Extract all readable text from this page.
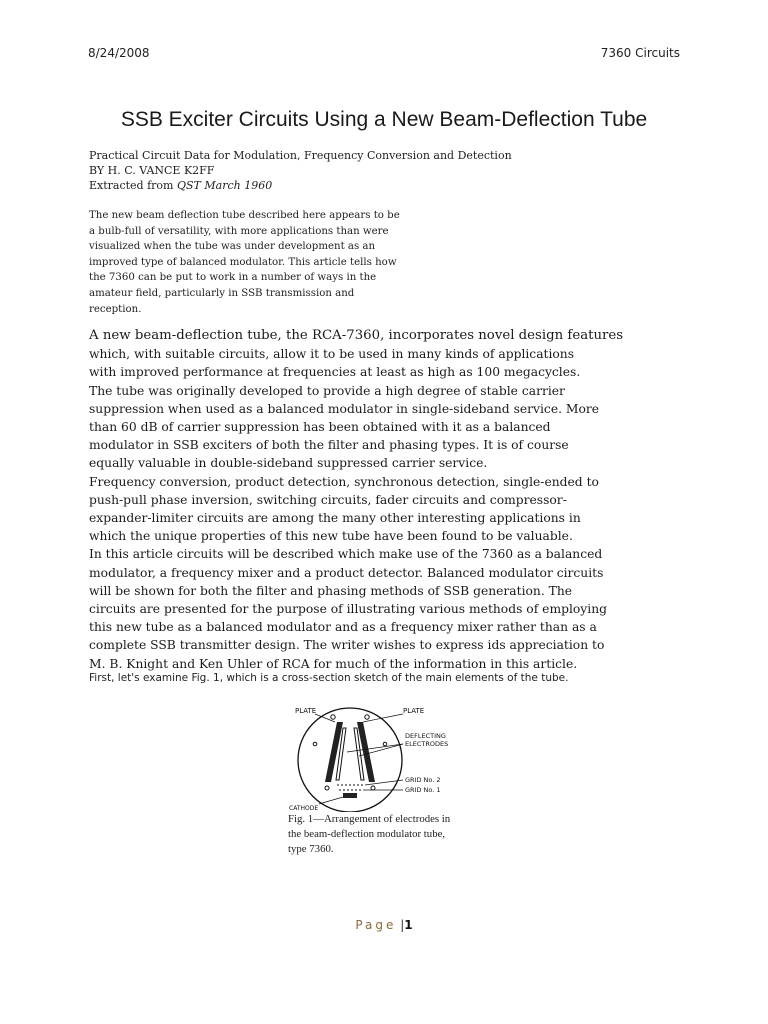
8/24/2008	7360 Circuits
SSB Exciter Circuits Using a New Beam-Deflection Tube
Practical Circuit Data for Modulation, Frequency Conversion and Detection
BY H. C. VANCE K2FF
Extracted from QST March 1960
The new beam deflection tube described here appears to be
a bulb-full of versatility, with more applications than were
visualized when the tube was under development as an
improved type of balanced modulator. This article tells how
the 7360 can be put to work in a number of ways in the
amateur field, particularly in SSB transmission and
reception.
A new beam-deflection tube, the RCA-7360, incorporates novel design features
which, with suitable circuits, allow it to be used in many kinds of applications
with improved performance at frequencies at least as high as 100 megacycles.
The tube was originally developed to provide a high degree of stable carrier
suppression when used as a balanced modulator in single-sideband service. More
than 60 dB of carrier suppression has been obtained with it as a balanced
modulator in SSB exciters of both the filter and phasing types. It is of course
equally valuable in double-sideband suppressed carrier service.
Frequency conversion, product detection, synchronous detection, single-ended to
push-pull phase inversion, switching circuits, fader circuits and compressor-
expander-limiter circuits are among the many other interesting applications in
which the unique properties of this new tube have been found to be valuable.
In this article circuits will be described which make use of the 7360 as a balanced
modulator, a frequency mixer and a product detector. Balanced modulator circuits
will be shown for both the filter and phasing methods of SSB generation. The
circuits are presented for the purpose of illustrating various methods of employing
this new tube as a balanced modulator and as a frequency mixer rather than as a
complete SSB transmitter design. The writer wishes to express ids appreciation to
M. B. Knight and Ken Uhler of RCA for much of the information in this article.
First, let's examine Fig. 1, which is a cross-section sketch of the main elements of the tube.
PLATE	PLATE
DEFLECTING
ELECTRODES
GRID No. 2
GRID No. 1
CATHODE
Fig. 1—Arrangement of electrodes in
the beam-deflection modulator tube,
type 7360.
Page |1
